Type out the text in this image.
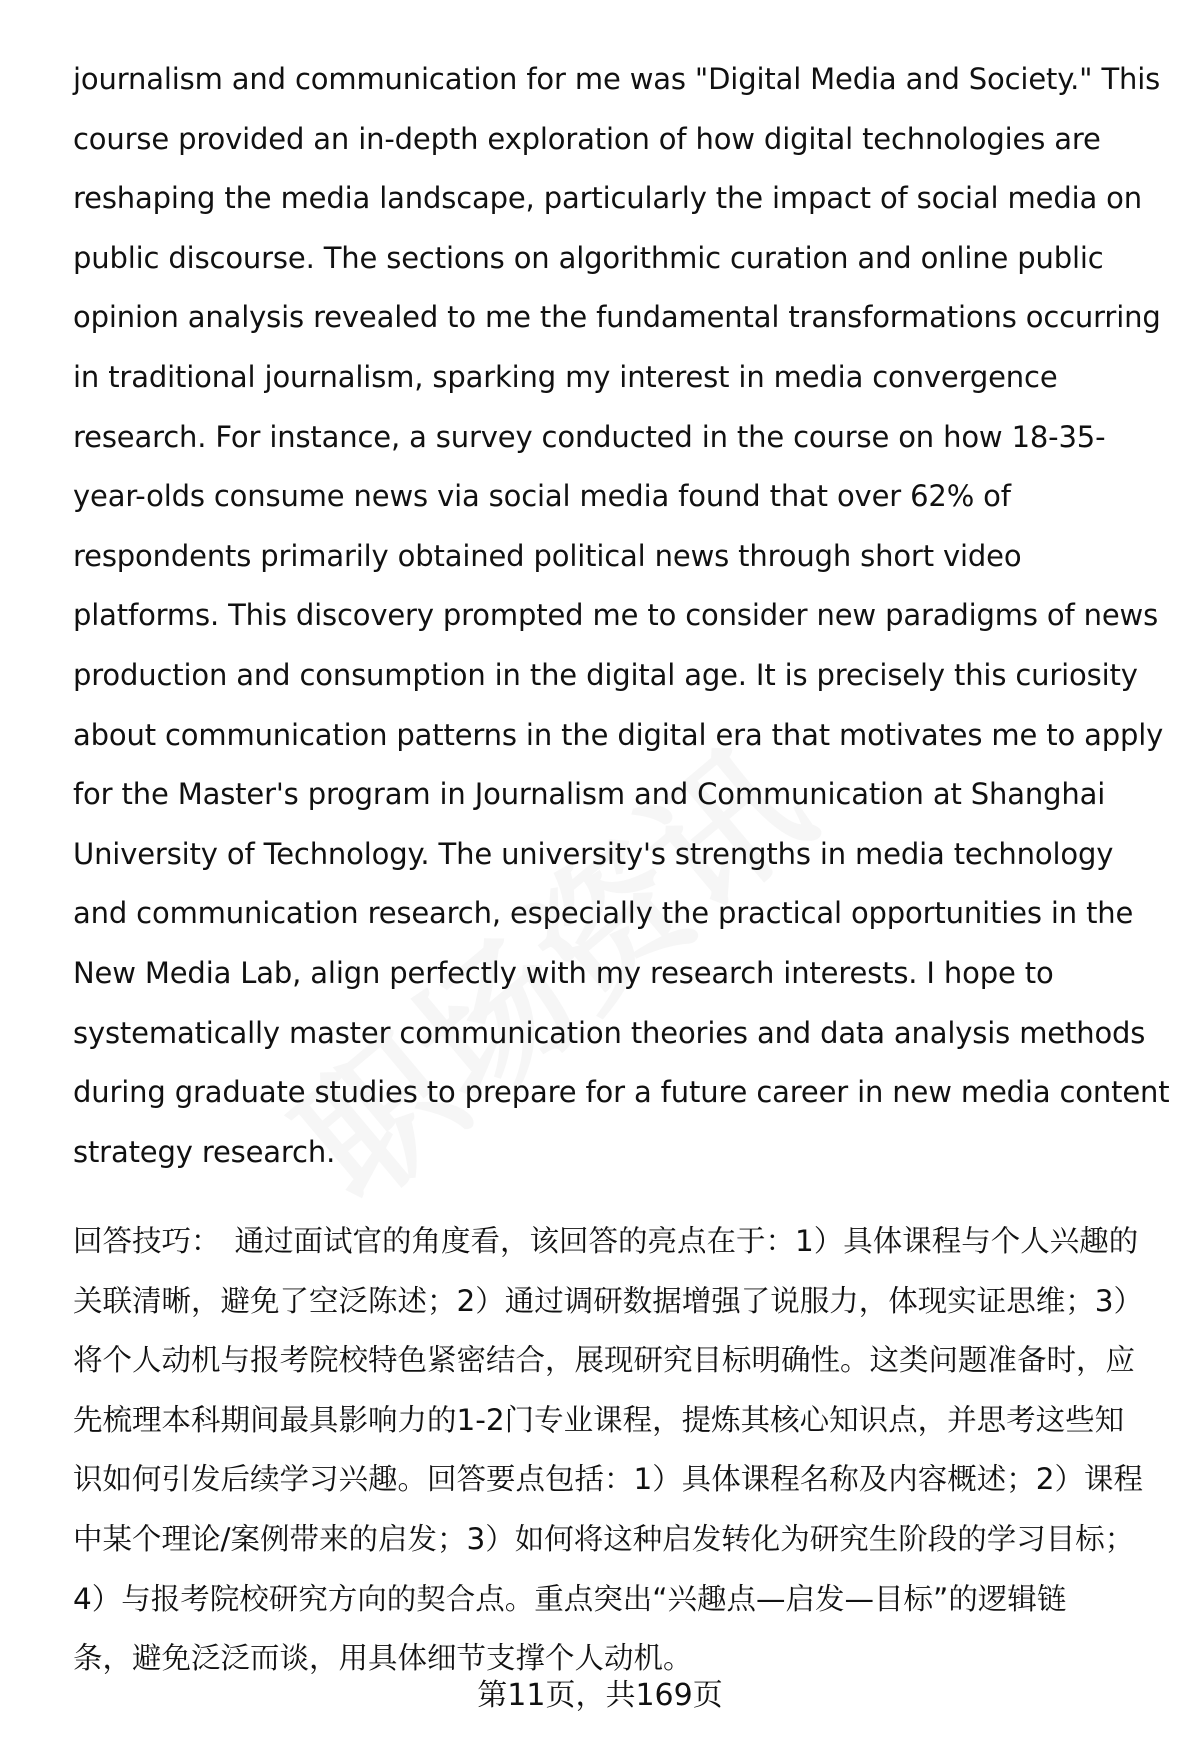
journalism and communication for me was "Digital Media and Society." This
course provided an in-depth exploration of how digital technologies are
reshaping the media landscape, particularly the impact of social media on
public discourse. The sections on algorithmic curation and online public
opinion analysis revealed to me the fundamental transformations occurring
in traditional journalism, sparking my interest in media convergence
research. For instance, a survey conducted in the course on how 18-35-
year-olds consume news via social media found that over 62% of
respondents primarily obtained political news through short video
platforms. This discovery prompted me to consider new paradigms of news
production and consumption in the digital age. It is precisely this curiosity
about communication patterns in the digital era that motivates me to apply
for the Master's program in Journalism and Communication at Shanghai
University of Technology. The university's strengths in media technology
and communication research, especially the practical opportunities in the
New Media Lab, align perfectly with my research interests. I hope to
systematically master communication theories and data analysis methods
during graduate studies to prepare for a future career in new media content
strategy research.
回答技巧： 通过面试官的角度看，该回答的亮点在于：1）具体课程与个人兴趣的
关联清晰，避免了空泛陈述；2）通过调研数据增强了说服力，体现实证思维；3）
将个人动机与报考院校特色紧密结合，展现研究目标明确性。这类问题准备时，应
先梳理本科期间最具影响力的1-2门专业课程，提炼其核心知识点，并思考这些知
识如何引发后续学习兴趣。回答要点包括：1）具体课程名称及内容概述；2）课程
中某个理论/案例带来的启发；3）如何将这种启发转化为研究生阶段的学习目标；
4）与报考院校研究方向的契合点。重点突出“兴趣点—启发—目标”的逻辑链
条，避免泛泛而谈，用具体细节支撑个人动机。
第11页，共169页
